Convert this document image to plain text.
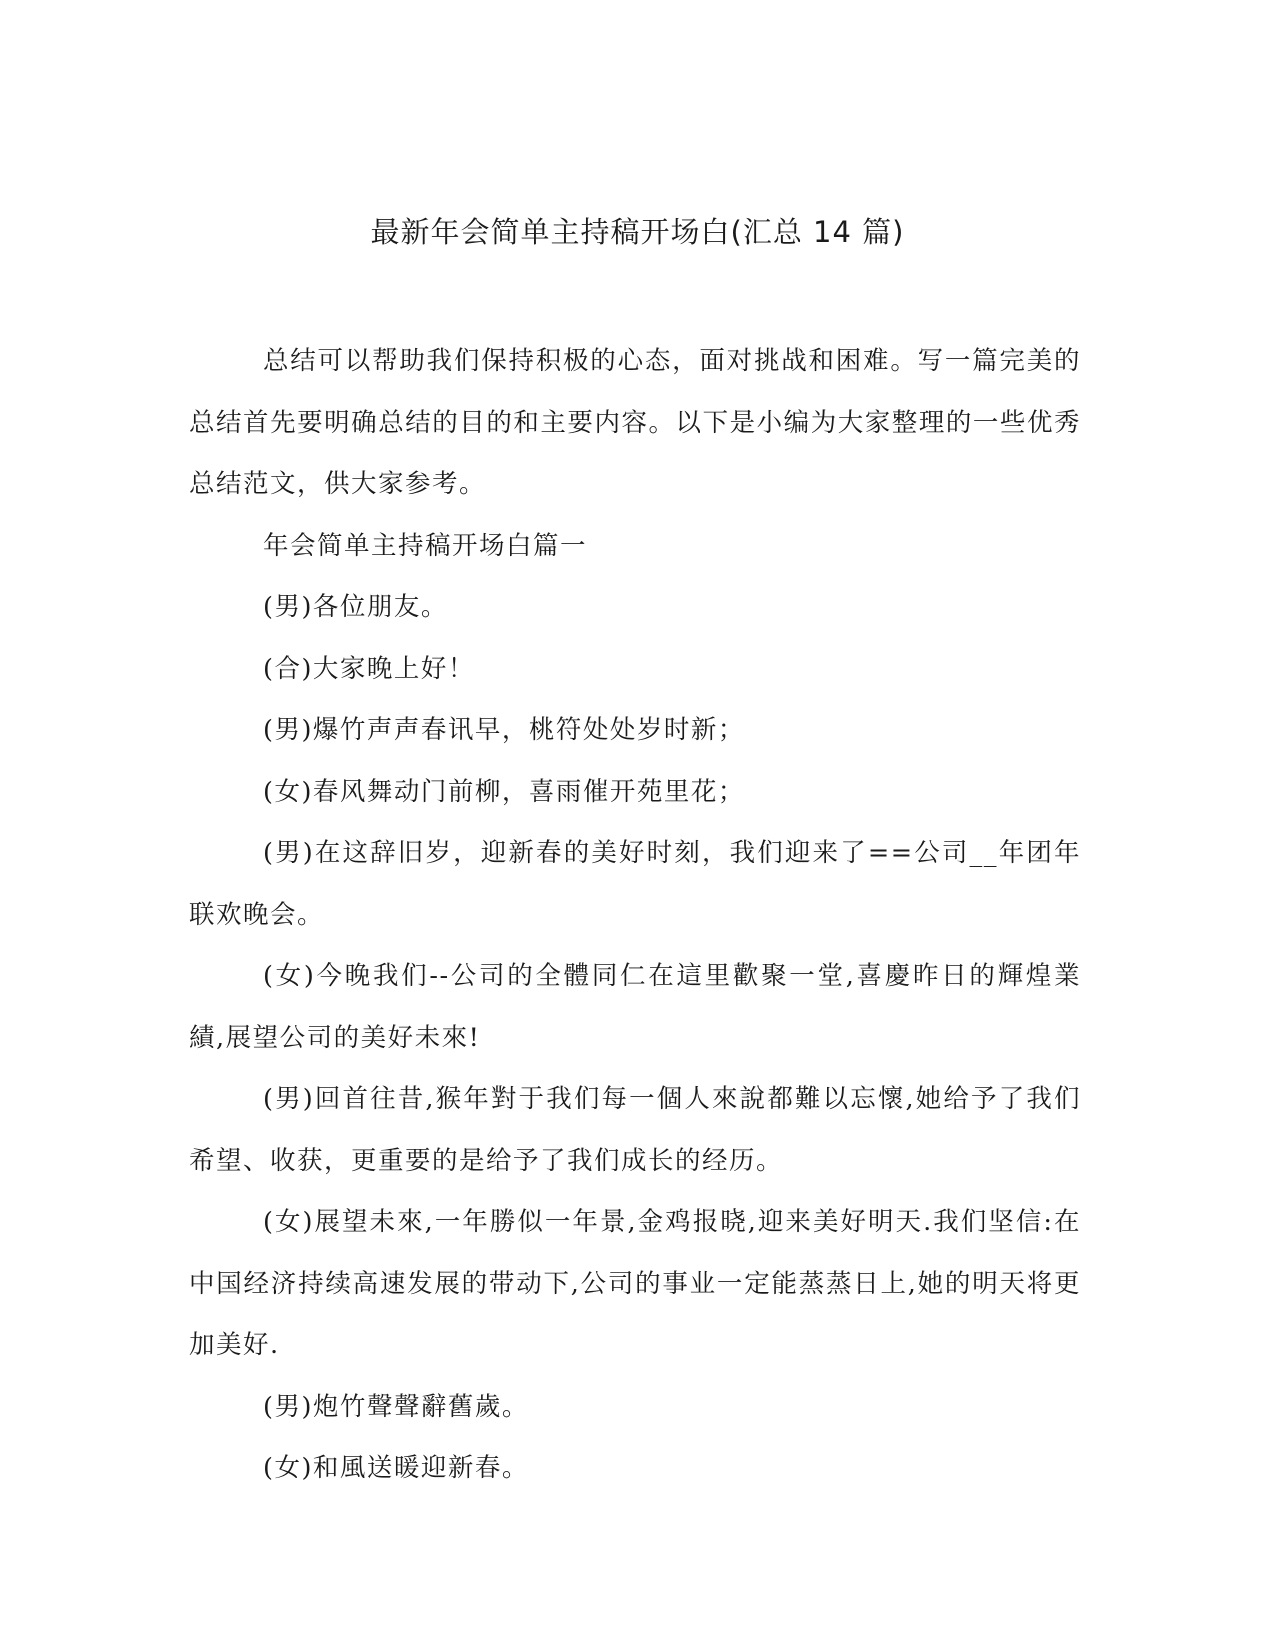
最新年会简单主持稿开场白(汇总 14 篇)

总结可以帮助我们保持积极的心态，面对挑战和困难。写一篇完美的总结首先要明确总结的目的和主要内容。以下是小编为大家整理的一些优秀总结范文，供大家参考。

年会简单主持稿开场白篇一

(男)各位朋友。

(合)大家晚上好！

(男)爆竹声声春讯早，桃符处处岁时新；

(女)春风舞动门前柳，喜雨催开苑里花；

(男)在这辞旧岁，迎新春的美好时刻，我们迎来了==公司__年团年联欢晚会。

(女)今晚我们--公司的全體同仁在這里歡聚一堂,喜慶昨日的輝煌業績,展望公司的美好未來!

(男)回首往昔,猴年對于我们每一個人來說都難以忘懷,她给予了我们希望、收获，更重要的是给予了我们成长的经历。

(女)展望未來,一年勝似一年景,金鸡报晓,迎来美好明天.我们坚信:在中国经济持续高速发展的带动下,公司的事业一定能蒸蒸日上,她的明天将更加美好.

(男)炮竹聲聲辭舊歲。

(女)和風送暖迎新春。
